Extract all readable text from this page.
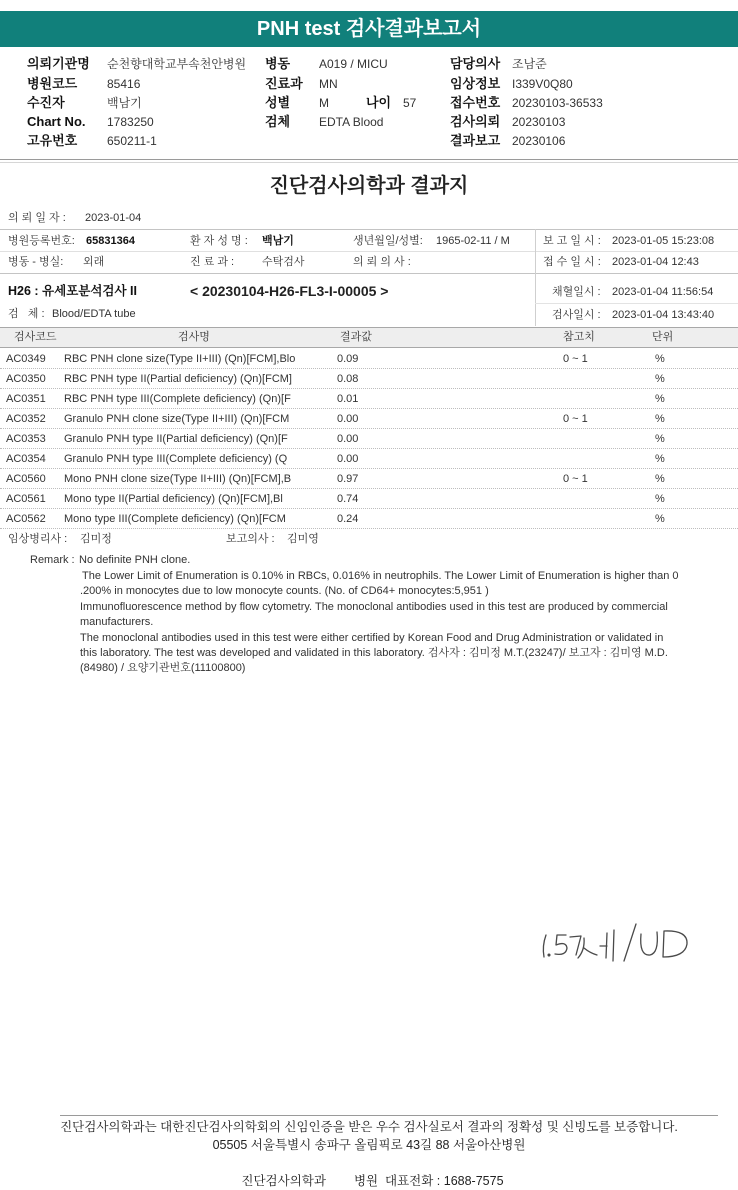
PNH test 검사결과보고서
의뢰기관명 순천향대학교부속천안병원
병원코드 85416
수진자	백남기
Chart No. 1783250
고유번호 650211-1
병동 A019 / MICU
진료과 MN
성별 M	나이 57
검체 EDTA Blood
담당의사 조남준
임상정보 I339V0Q80
접수번호 20230103-36533
검사의뢰 20230103
결과보고 20230106
진단검사의학과 결과지
의 뢰 일 자 : 2023-01-04
병원등록번호: 65831364	환 자 성 명 : 백남기	생년월일/성별: 1965-02-11 / M	보 고 일 시 : 2023-01-05 15:23:08
병동 - 병실: 외래	진 료 과 :	수탁검사	의 뢰 의 사 :	접 수 일 시 : 2023-01-04 12:43
H26 : 유세포분석검사 II	< 20230104-H26-FL3-I-00005 >	채혈일시 : 2023-01-04 11:56:54
검   체 : Blood/EDTA tube	검사일시 : 2023-01-04 13:43:40
검사코드	검사명	결과값	참고치	단위
AC0349 RBC PNH clone size(Type II+III) (Qn)[FCM],Blo	0.09	0 ~ 1	%
AC0350 RBC PNH type II(Partial deficiency) (Qn)[FCM]	0.08	%
AC0351 RBC PNH type III(Complete deficiency) (Qn)[F	0.01	%
AC0352 Granulo PNH clone size(Type II+III) (Qn)[FCM	0.00	0 ~ 1	%
AC0353 Granulo PNH type II(Partial deficiency) (Qn)[F	0.00	%
AC0354 Granulo PNH type III(Complete deficiency) (Q	0.00	%
AC0560 Mono PNH clone size(Type II+III) (Qn)[FCM],B	0.97	0 ~ 1	%
AC0561 Mono type II(Partial deficiency) (Qn)[FCM],Bl	0.74	%
AC0562 Mono type III(Complete deficiency) (Qn)[FCM	0.24	%
임상병리사 : 김미정	보고의사 : 김미영
Remark : No definite PNH clone.
The Lower Limit of Enumeration is 0.10% in RBCs, 0.016% in neutrophils. The Lower Limit of Enumeration is higher than 0
.200% in monocytes due to low monocyte counts. (No. of CD64+ monocytes:5,951 )
Immunofluorescence method by flow cytometry. The monoclonal antibodies used in this test are produced by commercial
manufacturers.
The monoclonal antibodies used in this test were either certified by Korean Food and Drug Administration or validated in
this laboratory. The test was developed and validated in this laboratory. 검사자 : 김미정 M.T.(23247)/ 보고자 : 김미영 M.D.
(84980) / 요양기관번호(11100800)
진단검사의학과는 대한진단검사의학회의 신임인증을 받은 우수 검사실로서 결과의 정확성 및 신빙도를 보증합니다.
05505 서울특별시 송파구 올림픽로 43길 88 서울아산병원

진단검사의학과 병원  대표전화 : 1688-7575
